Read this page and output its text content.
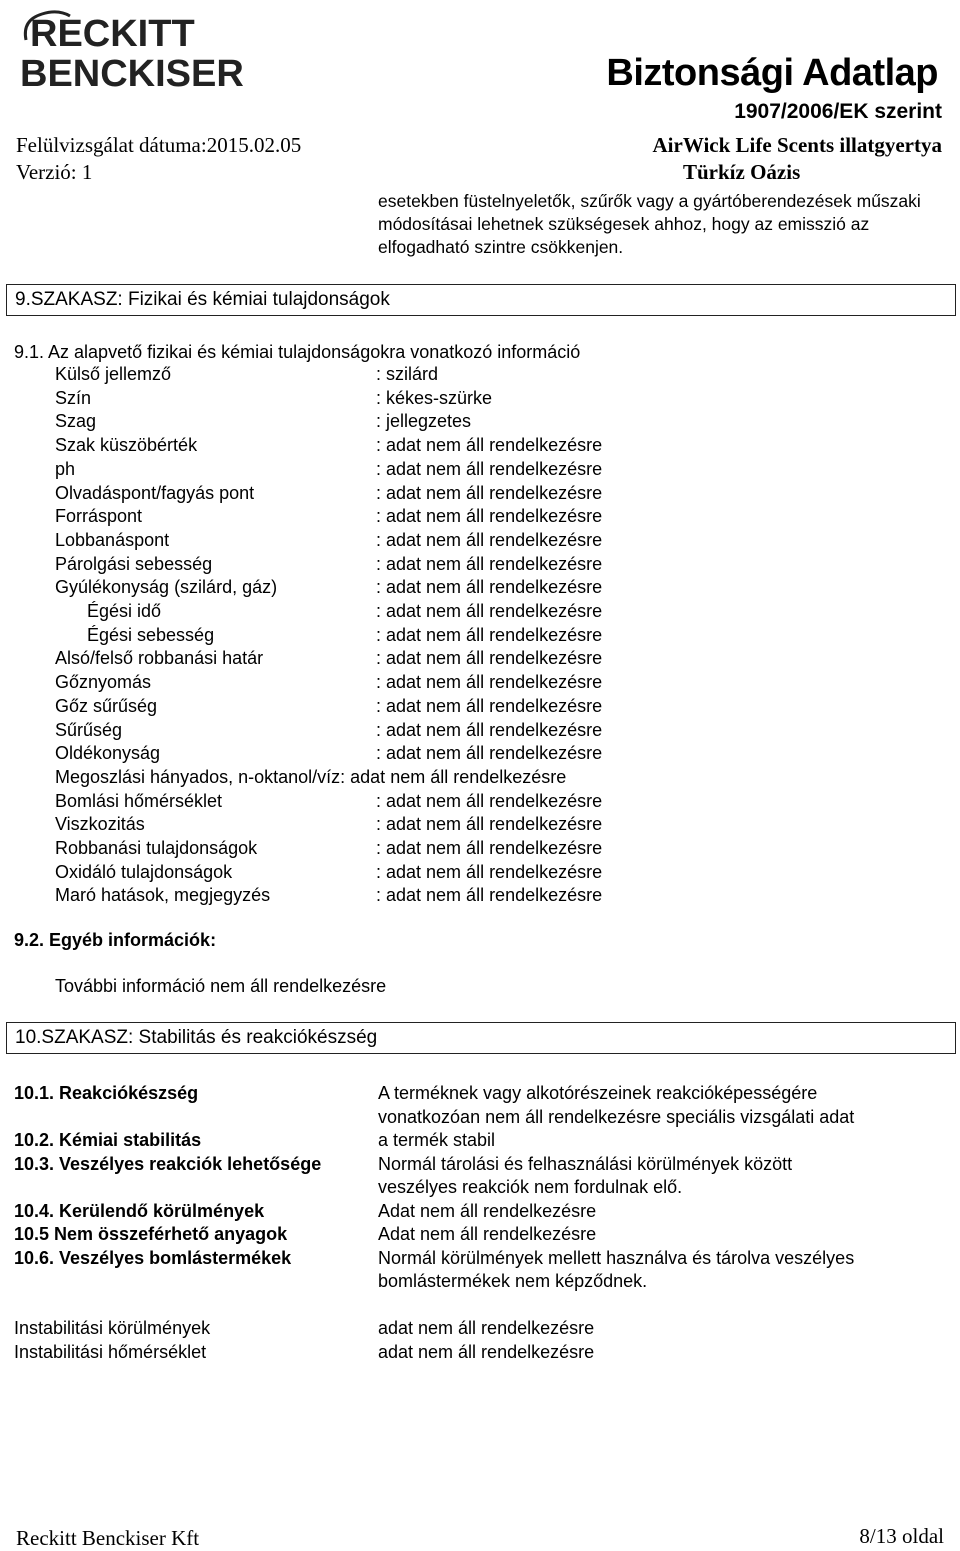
RECKITT
BENCKISER	Biztonsági Adatlap
1907/2006/EK szerint
Felülvizsgálat dátuma:2015.02.05	AirWick Life Scents illatgyertya
Verzió: 1	Türkíz Oázis
esetekben füstelnyeletők, szűrők vagy a gyártóberendezések műszaki módosításai lehetnek szükségesek ahhoz, hogy az emisszió az elfogadható szintre csökkenjen.
9.SZAKASZ: Fizikai és kémiai tulajdonságok
9.1. Az alapvető fizikai és kémiai tulajdonságokra vonatkozó információ
Külső jellemző	: szilárd
Szín	: kékes-szürke
Szag	: jellegzetes
Szak küszöbérték	: adat nem áll rendelkezésre
ph	: adat nem áll rendelkezésre
Olvadáspont/fagyás pont	: adat nem áll rendelkezésre
Forráspont	: adat nem áll rendelkezésre
Lobbanáspont	: adat nem áll rendelkezésre
Párolgási sebesség	: adat nem áll rendelkezésre
Gyúlékonyság (szilárd, gáz)	: adat nem áll rendelkezésre
Égési idő	: adat nem áll rendelkezésre
Égési sebesség	: adat nem áll rendelkezésre
Alsó/felső robbanási határ	: adat nem áll rendelkezésre
Gőznyomás	: adat nem áll rendelkezésre
Gőz sűrűség	: adat nem áll rendelkezésre
Sűrűség	: adat nem áll rendelkezésre
Oldékonyság	: adat nem áll rendelkezésre
Megoszlási hányados, n-oktanol/víz: adat nem áll rendelkezésre
Bomlási hőmérséklet	: adat nem áll rendelkezésre
Viszkozitás	: adat nem áll rendelkezésre
Robbanási tulajdonságok	: adat nem áll rendelkezésre
Oxidáló tulajdonságok	: adat nem áll rendelkezésre
Maró hatások, megjegyzés	: adat nem áll rendelkezésre
9.2. Egyéb információk:
További információ nem áll rendelkezésre
10.SZAKASZ: Stabilitás és reakciókészség
10.1. Reakciókészség	A terméknek vagy alkotórészeinek reakcióképességére
vonatkozóan nem áll rendelkezésre speciális vizsgálati adat
10.2. Kémiai stabilitás	a termék stabil
10.3. Veszélyes reakciók lehetősége	Normál tárolási és felhasználási körülmények között
veszélyes reakciók nem fordulnak elő.
10.4. Kerülendő körülmények	Adat nem áll rendelkezésre
10.5 Nem összeférhető anyagok	Adat nem áll rendelkezésre
10.6. Veszélyes bomlástermékek	Normál körülmények mellett használva és tárolva veszélyes
bomlástermékek nem képződnek.
Instabilitási körülmények	adat nem áll rendelkezésre
Instabilitási hőmérséklet	adat nem áll rendelkezésre
Reckitt Benckiser Kft	8/13 oldal
